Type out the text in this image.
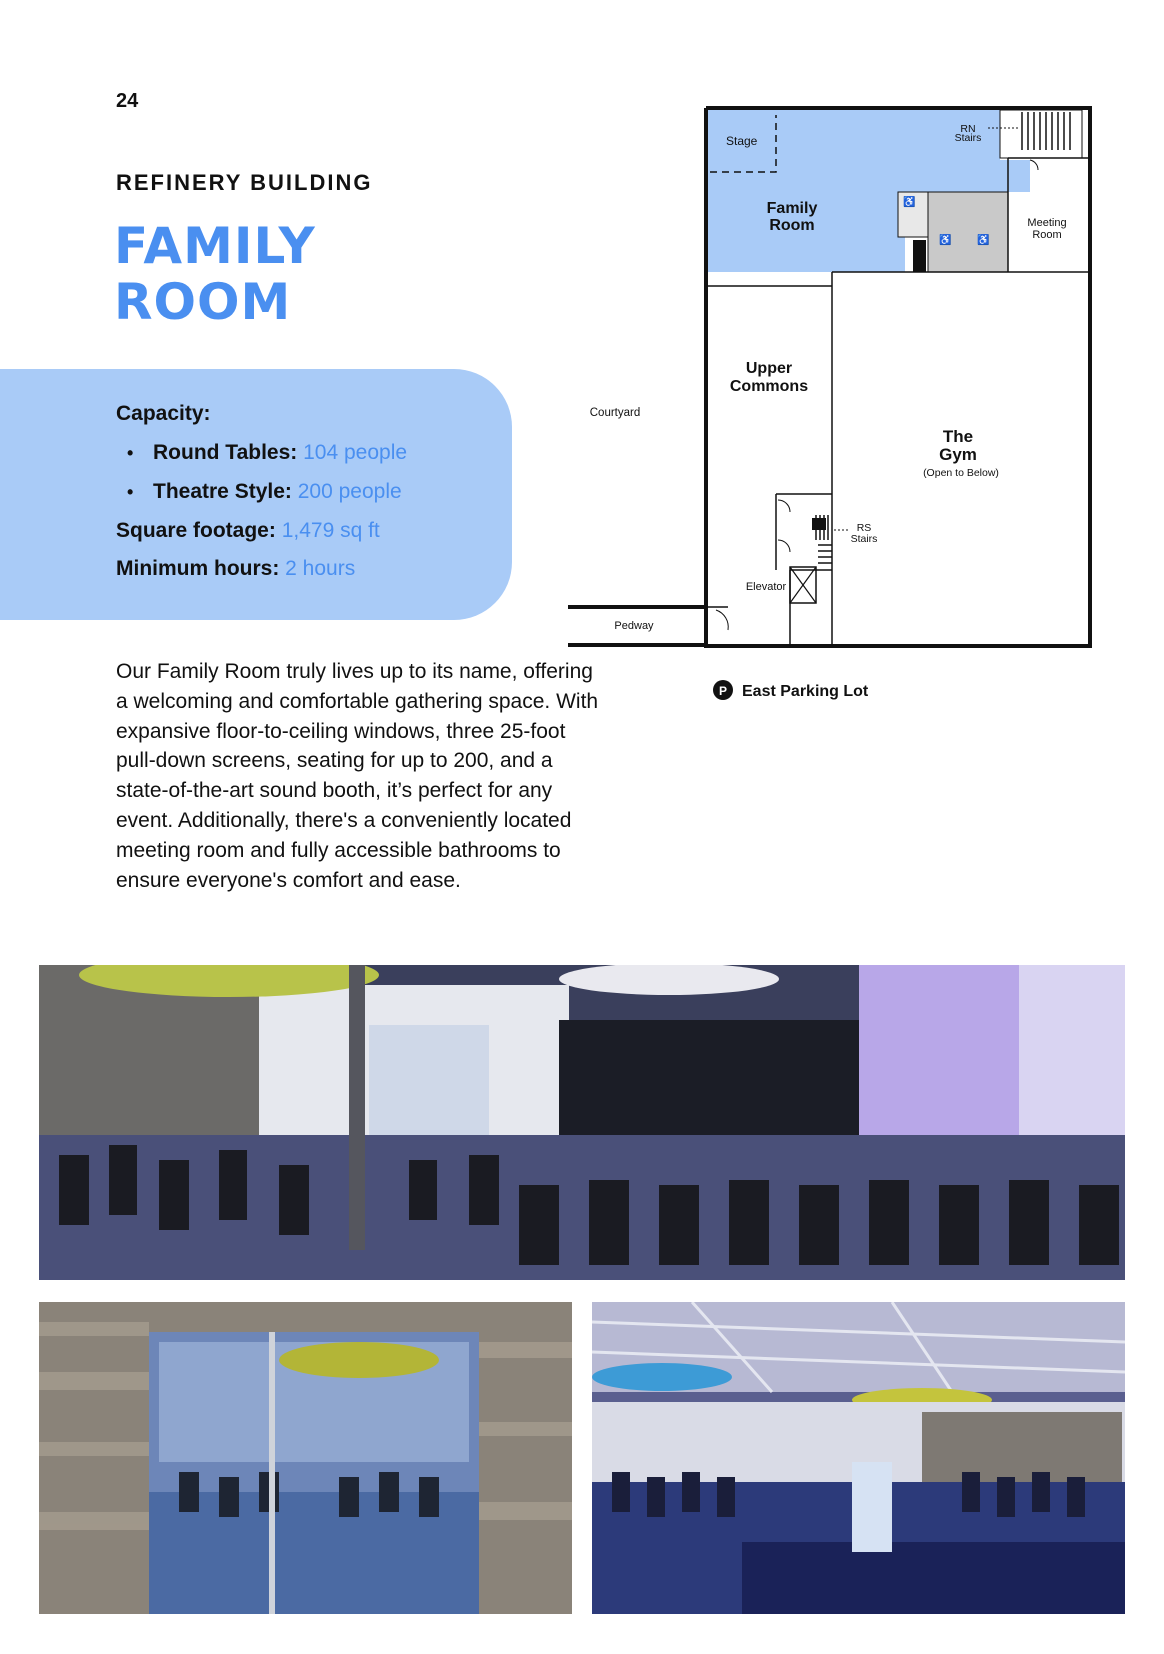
24
REFINERY BUILDING
FAMILY
ROOM
Capacity:
• Round Tables: 104 people
• Theatre Style: 200 people
Square footage: 1,479 sq ft
Minimum hours: 2 hours

Our Family Room truly lives up to its name, offering a welcoming and comfortable gathering space. With expansive floor-to-ceiling windows, three 25-foot pull-down screens, seating for up to 200, and a state-of-the-art sound booth, it’s perfect for any event. Additionally, there's a conveniently located meeting room and fully accessible bathrooms to ensure everyone's comfort and ease.

♿
♿	♿
Stage
RN
Stairs
Family
Room	Meeting
Room
Upper
Commons
Courtyard
The
Gym
(Open to Below)
RS
Stairs
Elevator
Pedway
P East Parking Lot
